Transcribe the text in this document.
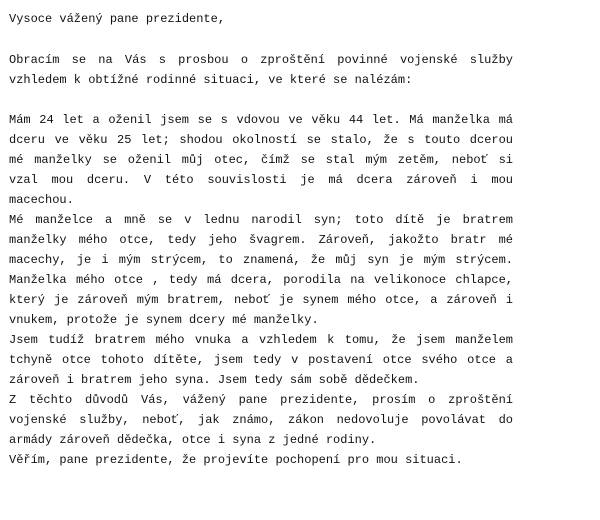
Vysoce vážený pane prezidente,
Obracím se na Vás s prosbou o zproštění povinné vojenské služby
vzhledem k obtížné rodinné situaci, ve které se nalézám:
Mám 24 let a oženil jsem se s vdovou ve věku 44 let. Má manželka má
dceru ve věku 25 let; shodou okolností se stalo, že s touto dcerou
mé manželky se oženil můj otec, čímž se stal mým zetěm, neboť si
vzal mou dceru. V této souvislosti je má dcera zároveň i mou
macechou.
Mé manželce a mně se v lednu narodil syn; toto dítě je bratrem
manželky mého otce, tedy jeho švagrem. Zároveň, jakožto bratr mé
macechy, je i mým strýcem, to znamená, že můj syn je mým strýcem.
Manželka mého otce , tedy má dcera, porodila na velikonoce chlapce,
který je zároveň mým bratrem, neboť je synem mého otce, a zároveň i
vnukem, protože je synem dcery mé manželky.
Jsem tudíž bratrem mého vnuka a vzhledem k tomu, že jsem manželem
tchyně otce tohoto dítěte, jsem tedy v postavení otce svého otce a
zároveň i bratrem jeho syna. Jsem tedy sám sobě dědečkem.
Z těchto důvodů Vás, vážený pane prezidente, prosím o zproštění
vojenské služby, neboť, jak známo, zákon nedovoluje povolávat do
armády zároveň dědečka, otce i syna z jedné rodiny.
Věřím, pane prezidente, že projevíte pochopení pro mou situaci.
